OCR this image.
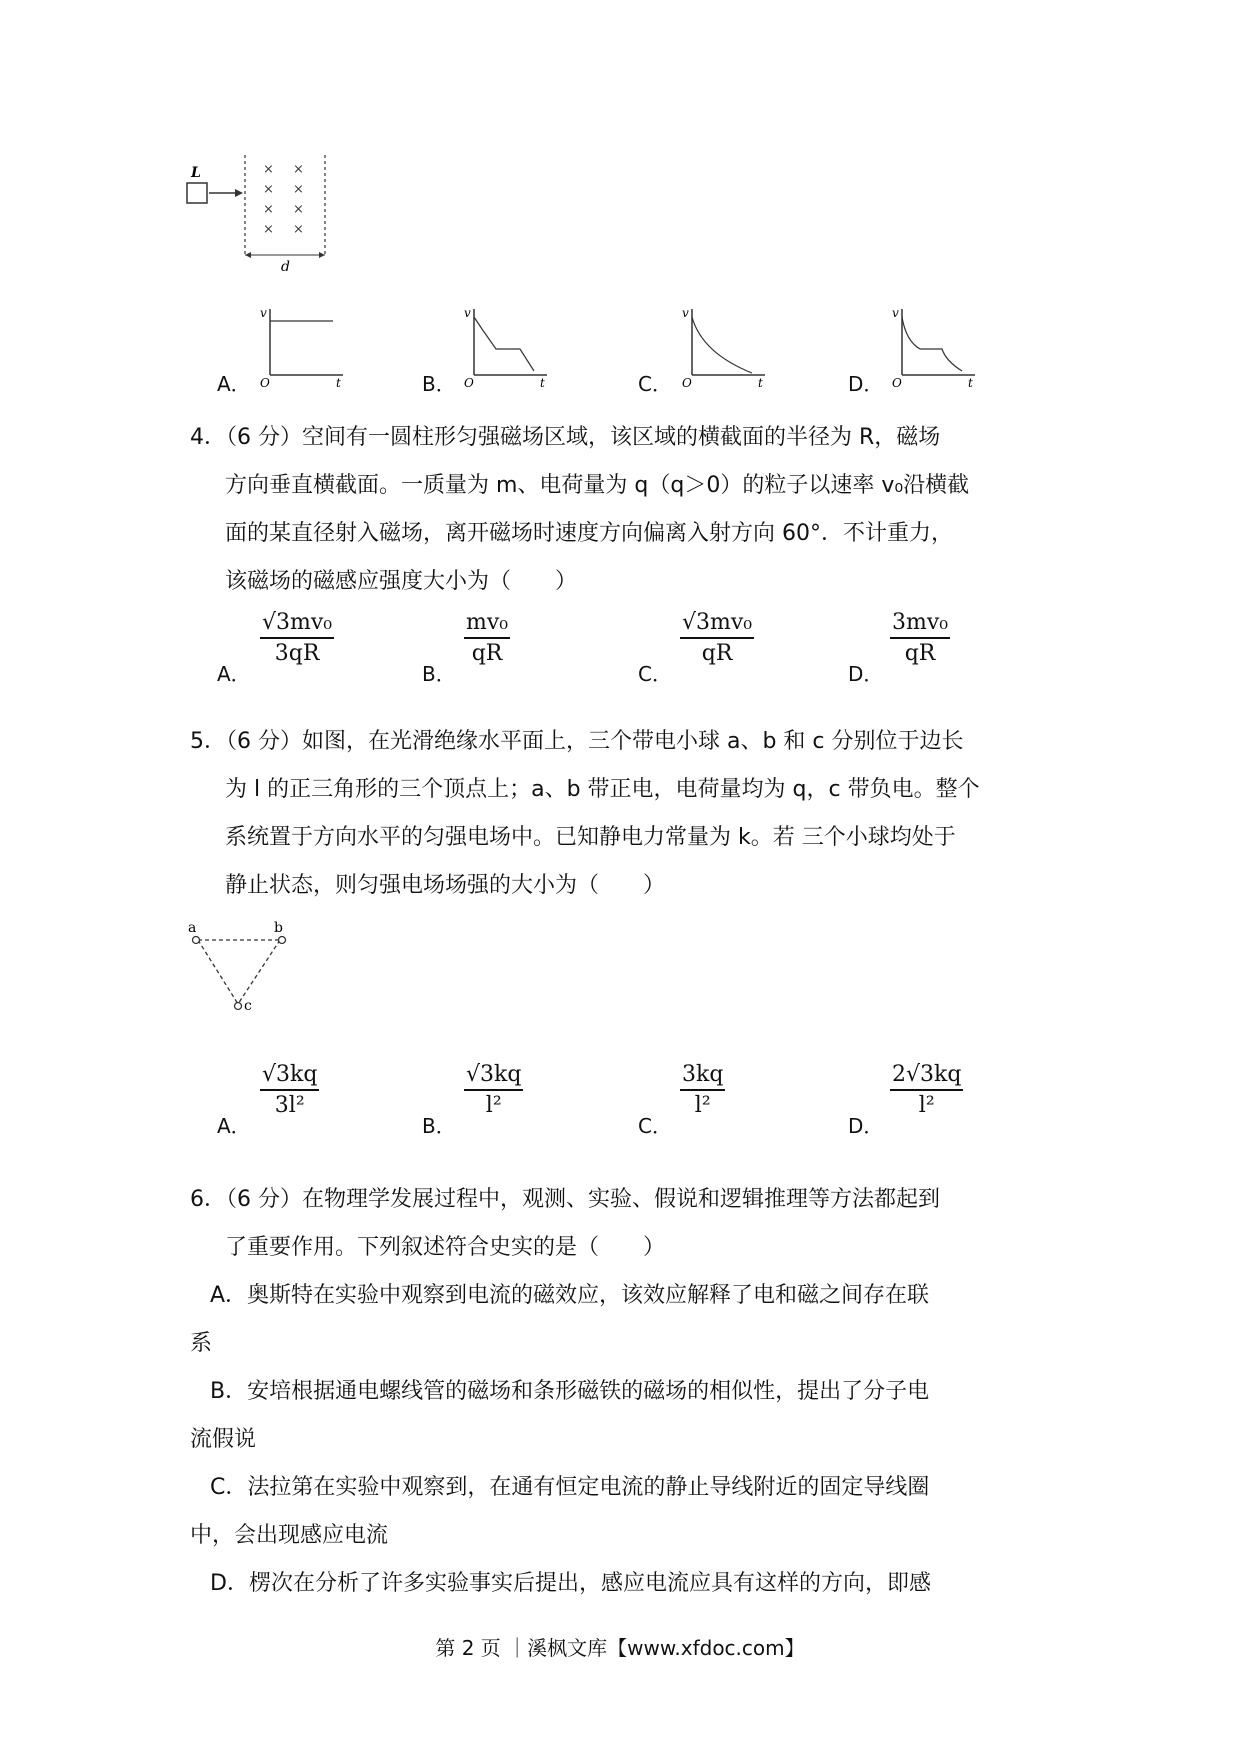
L	× ×
× ×
× ×
× ×
d
A．	B．	C．	D．
v
O	t
v
O	t
v
O	t
v
O	t
4．（6 分）空间有一圆柱形匀强磁场区域，该区域的横截面的半径为 R，磁场
方向垂直横截面。一质量为 m、电荷量为 q（q＞0）的粒子以速率 v₀沿横截
面的某直径射入磁场，离开磁场时速度方向偏离入射方向 60°．不计重力，
该磁场的磁感应强度大小为（　　）
A．
√3mv₀
3qR
B．
mv₀
qR
C．
√3mv₀
qR
D．
3mv₀
qR
5．（6 分）如图，在光滑绝缘水平面上，三个带电小球 a、b 和 c 分别位于边长
为 l 的正三角形的三个顶点上；a、b 带正电，电荷量均为 q，c 带负电。整个
系统置于方向水平的匀强电场中。已知静电力常量为 k。若 三个小球均处于
静止状态，则匀强电场场强的大小为（　　）
a	b
c
A．
√3kq
3l²
B．
√3kq
l²
C．
3kq
l²
D．
2√3kq
l²
6．（6 分）在物理学发展过程中，观测、实验、假说和逻辑推理等方法都起到
了重要作用。下列叙述符合史实的是（　　）
A．奥斯特在实验中观察到电流的磁效应，该效应解释了电和磁之间存在联
系
B．安培根据通电螺线管的磁场和条形磁铁的磁场的相似性，提出了分子电
流假说
C．法拉第在实验中观察到，在通有恒定电流的静止导线附近的固定导线圈
中，会出现感应电流
D．楞次在分析了许多实验事实后提出，感应电流应具有这样的方向，即感
第 2 页 ｜溪枫文库【www.xfdoc.com】
